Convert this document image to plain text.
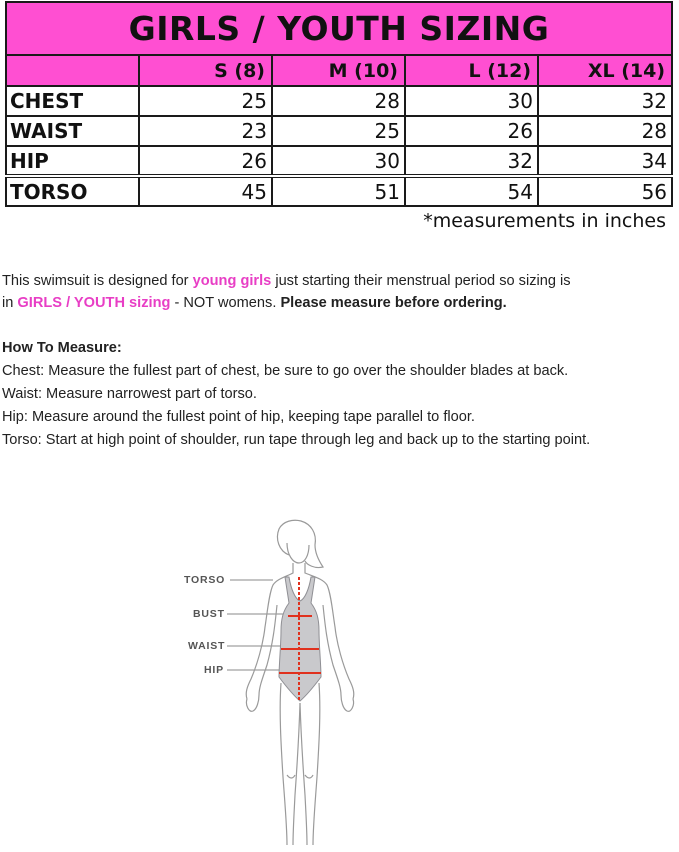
GIRLS / YOUTH SIZING				
	S (8)	M (10)	L (12)	XL (14)
CHEST	25	28	30	32
WAIST	23	25	26	28
HIP	26	30	32	34
TORSO	45	51	54	56
*measurements in inches
This swimsuit is designed for young girls just starting their menstrual period so sizing is
in GIRLS / YOUTH sizing - NOT womens. Please measure before ordering.
How To Measure:
Chest: Measure the fullest part of chest, be sure to go over the shoulder blades at back.
Waist: Measure narrowest part of torso.
Hip: Measure around the fullest point of hip, keeping tape parallel to floor.
Torso: Start at high point of shoulder, run tape through leg and back up to the starting point.
TORSO
BUST
WAIST
HIP
